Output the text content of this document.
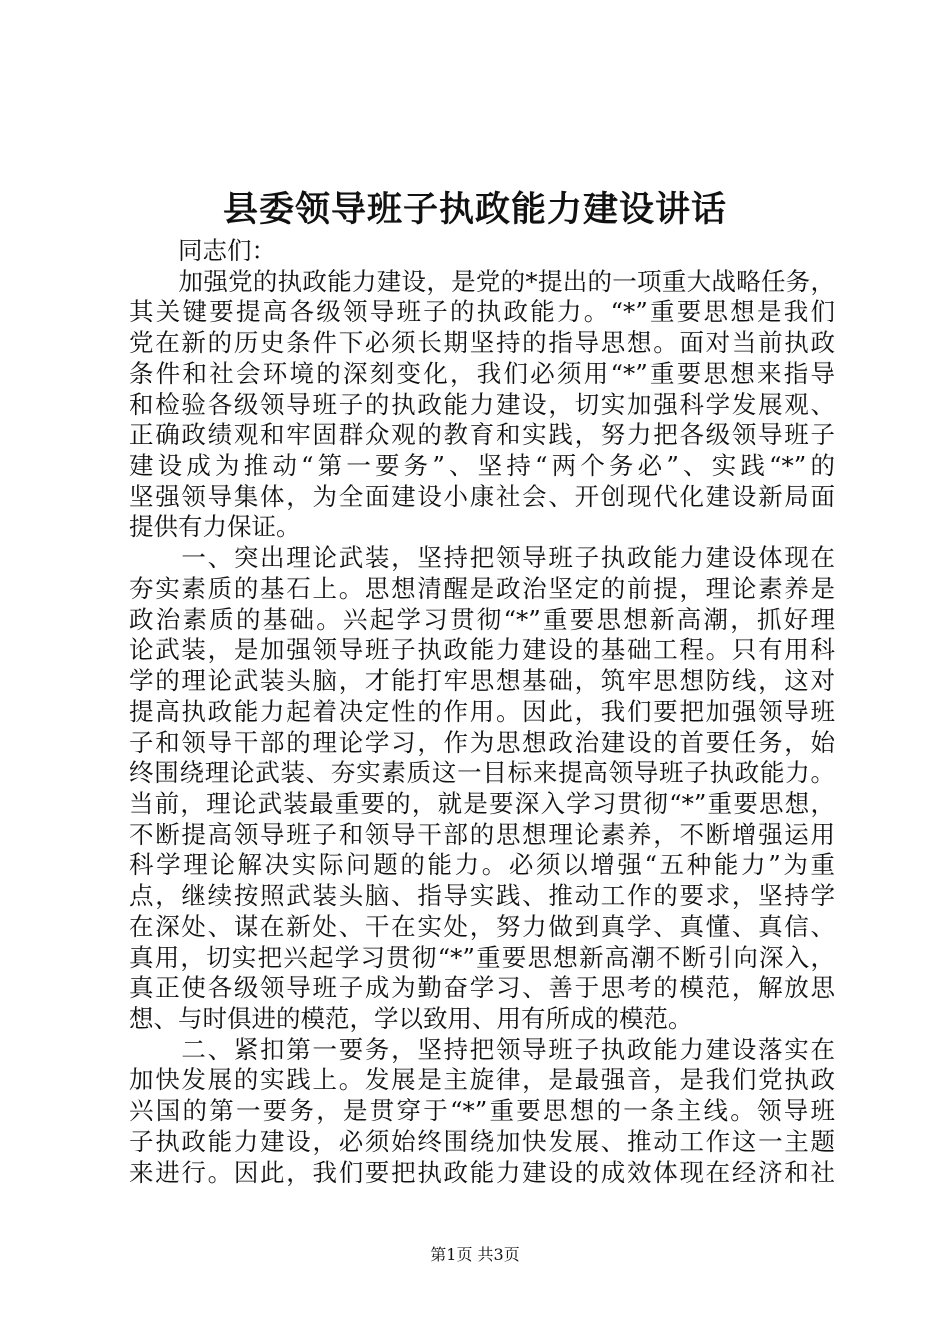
县委领导班子执政能力建设讲话
　　同志们：
　　加强党的执政能力建设，是党的*提出的一项重大战略任务，
其关键要提高各级领导班子的执政能力。“*”重要思想是我们
党在新的历史条件下必须长期坚持的指导思想。面对当前执政
条件和社会环境的深刻变化，我们必须用“*”重要思想来指导
和检验各级领导班子的执政能力建设，切实加强科学发展观、
正确政绩观和牢固群众观的教育和实践，努力把各级领导班子
建设成为推动“第一要务”、坚持“两个务必”、实践“*”的
坚强领导集体，为全面建设小康社会、开创现代化建设新局面
提供有力保证。
　　一、突出理论武装，坚持把领导班子执政能力建设体现在
夯实素质的基石上。思想清醒是政治坚定的前提，理论素养是
政治素质的基础。兴起学习贯彻“*”重要思想新高潮，抓好理
论武装，是加强领导班子执政能力建设的基础工程。只有用科
学的理论武装头脑，才能打牢思想基础，筑牢思想防线，这对
提高执政能力起着决定性的作用。因此，我们要把加强领导班
子和领导干部的理论学习，作为思想政治建设的首要任务，始
终围绕理论武装、夯实素质这一目标来提高领导班子执政能力。
当前，理论武装最重要的，就是要深入学习贯彻“*”重要思想，
不断提高领导班子和领导干部的思想理论素养，不断增强运用
科学理论解决实际问题的能力。必须以增强“五种能力”为重
点，继续按照武装头脑、指导实践、推动工作的要求，坚持学
在深处、谋在新处、干在实处，努力做到真学、真懂、真信、
真用，切实把兴起学习贯彻“*”重要思想新高潮不断引向深入，
真正使各级领导班子成为勤奋学习、善于思考的模范，解放思
想、与时俱进的模范，学以致用、用有所成的模范。
　　二、紧扣第一要务，坚持把领导班子执政能力建设落实在
加快发展的实践上。发展是主旋律，是最强音，是我们党执政
兴国的第一要务，是贯穿于“*”重要思想的一条主线。领导班
子执政能力建设，必须始终围绕加快发展、推动工作这一主题
来进行。因此，我们要把执政能力建设的成效体现在经济和社
第1页 共3页
